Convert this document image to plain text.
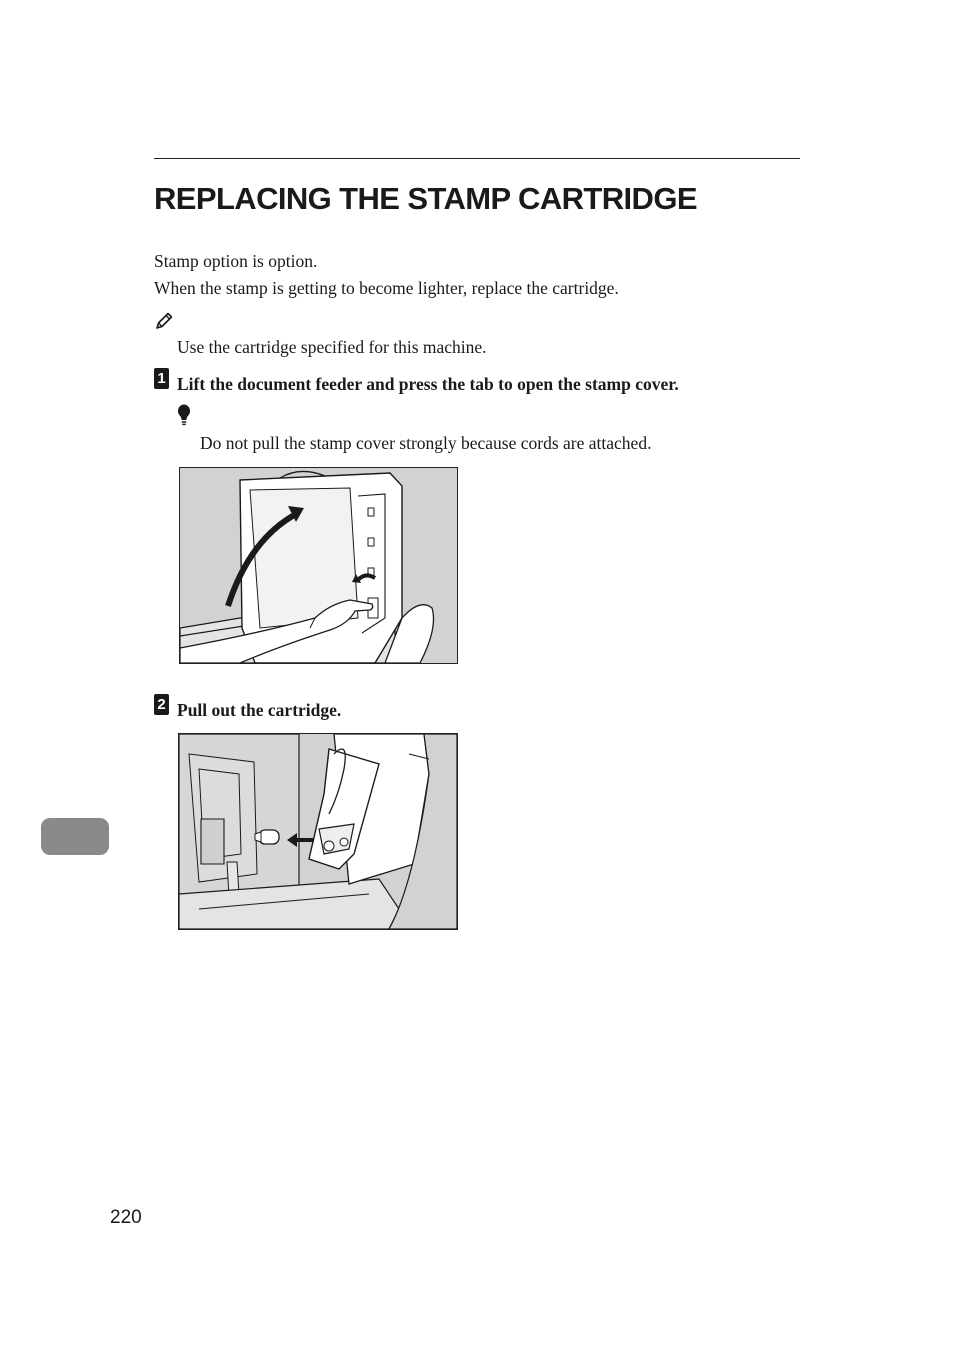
REPLACING THE STAMP CARTRIDGE
Stamp option is option.
When the stamp is getting to become lighter, replace the cartridge.
Use the cartridge specified for this machine.
1 Lift the document feeder and press the tab to open the stamp cover.
Do not pull the stamp cover strongly because cords are attached.
2 Pull out the cartridge.
220
